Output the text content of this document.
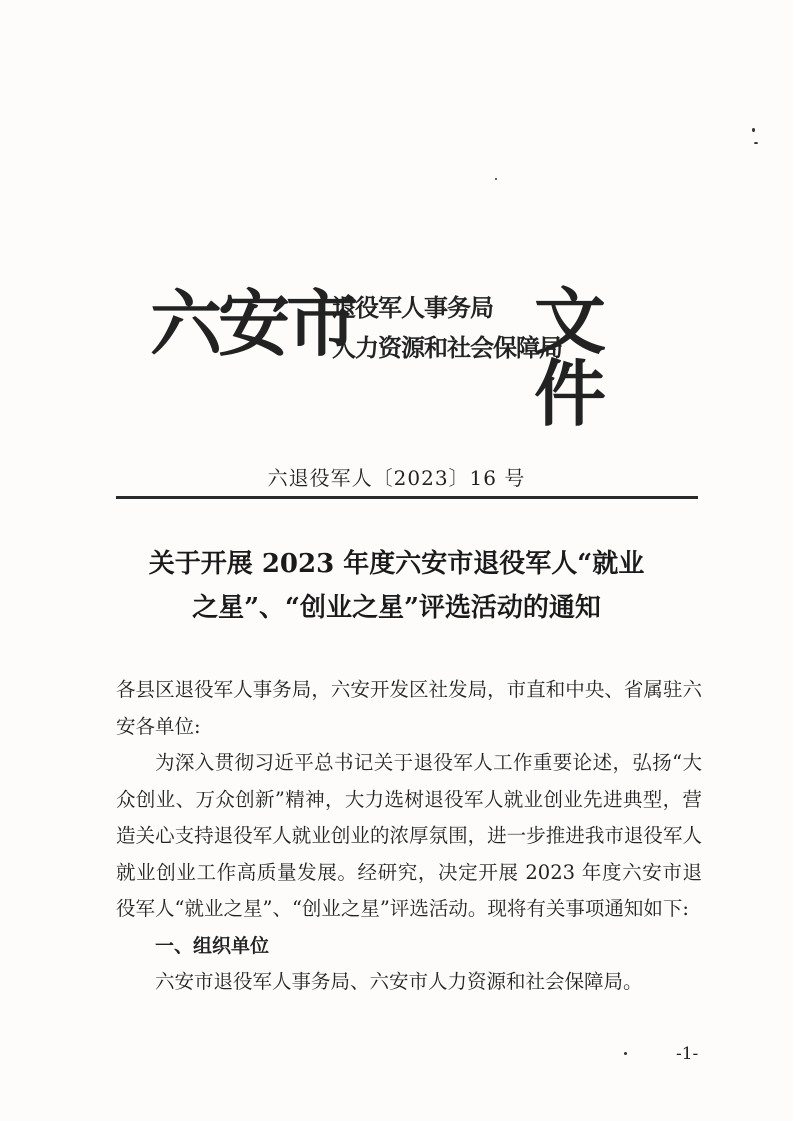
六安市
退役军人事务局
人力资源和社会保障局
文件
六退役军人〔2023〕16 号
关于开展 2023 年度六安市退役军人“就业
之星”、“创业之星”评选活动的通知

各县区退役军人事务局，六安开发区社发局，市直和中央、省属驻六安各单位:

为深入贯彻习近平总书记关于退役军人工作重要论述，弘扬“大众创业、万众创新”精神，大力选树退役军人就业创业先进典型，营造关心支持退役军人就业创业的浓厚氛围，进一步推进我市退役军人就业创业工作高质量发展。经研究，决定开展 2023 年度六安市退役军人“就业之星”、“创业之星”评选活动。现将有关事项通知如下:

一、组织单位

六安市退役军人事务局、六安市人力资源和社会保障局。

-1-
